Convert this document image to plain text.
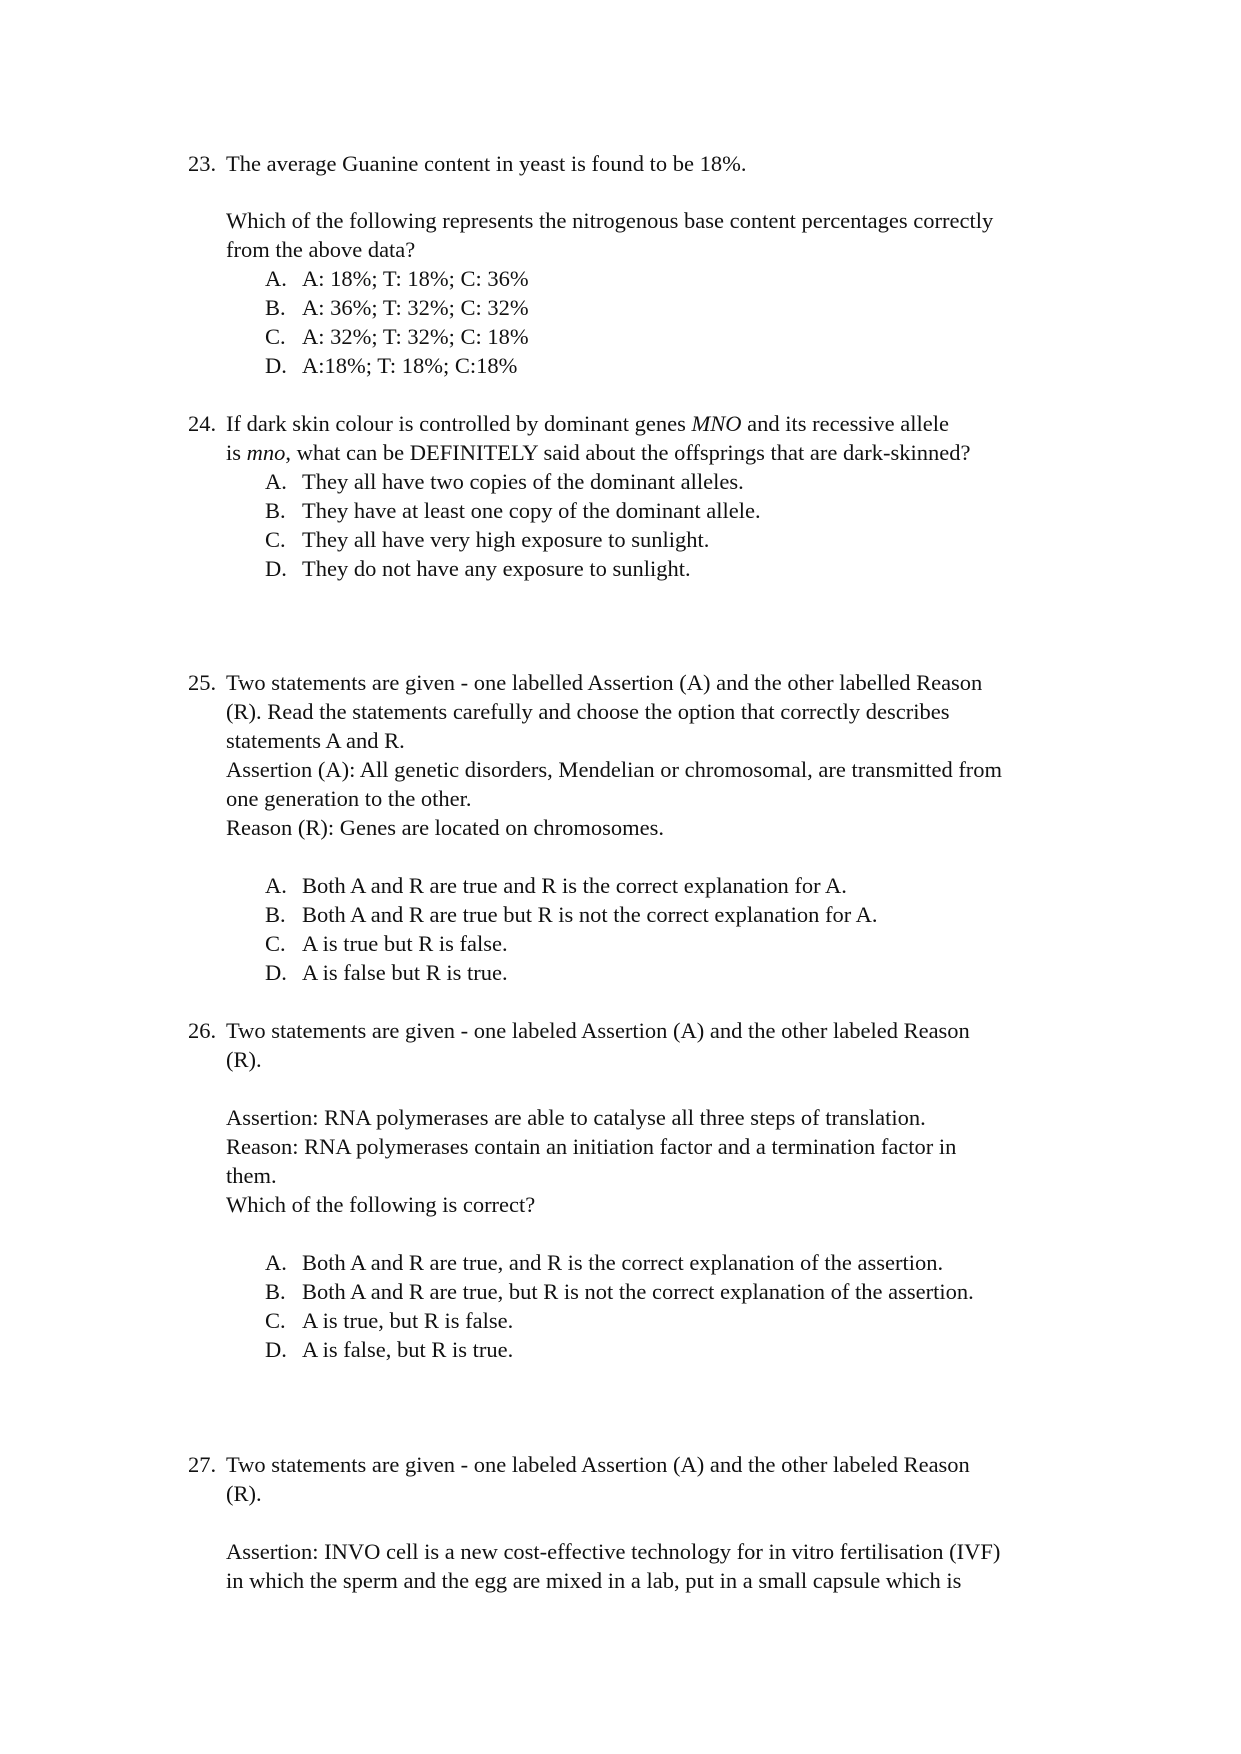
23. The average Guanine content in yeast is found to be 18%.
Which of the following represents the nitrogenous base content percentages correctly
from the above data?
A. A: 18%; T: 18%; C: 36%
B. A: 36%; T: 32%; C: 32%
C. A: 32%; T: 32%; C: 18%
D. A:18%; T: 18%; C:18%
24. If dark skin colour is controlled by dominant genes MNO and its recessive allele
is mno, what can be DEFINITELY said about the offsprings that are dark-skinned?
A. They all have two copies of the dominant alleles.
B. They have at least one copy of the dominant allele.
C. They all have very high exposure to sunlight.
D. They do not have any exposure to sunlight.
25. Two statements are given - one labelled Assertion (A) and the other labelled Reason
(R). Read the statements carefully and choose the option that correctly describes
statements A and R.
Assertion (A): All genetic disorders, Mendelian or chromosomal, are transmitted from
one generation to the other.
Reason (R): Genes are located on chromosomes.
A. Both A and R are true and R is the correct explanation for A.
B. Both A and R are true but R is not the correct explanation for A.
C. A is true but R is false.
D. A is false but R is true.
26. Two statements are given - one labeled Assertion (A) and the other labeled Reason
(R).
Assertion: RNA polymerases are able to catalyse all three steps of translation.
Reason: RNA polymerases contain an initiation factor and a termination factor in
them.
Which of the following is correct?
A. Both A and R are true, and R is the correct explanation of the assertion.
B. Both A and R are true, but R is not the correct explanation of the assertion.
C. A is true, but R is false.
D. A is false, but R is true.
27. Two statements are given - one labeled Assertion (A) and the other labeled Reason
(R).
Assertion: INVO cell is a new cost-effective technology for in vitro fertilisation (IVF)
in which the sperm and the egg are mixed in a lab, put in a small capsule which is
